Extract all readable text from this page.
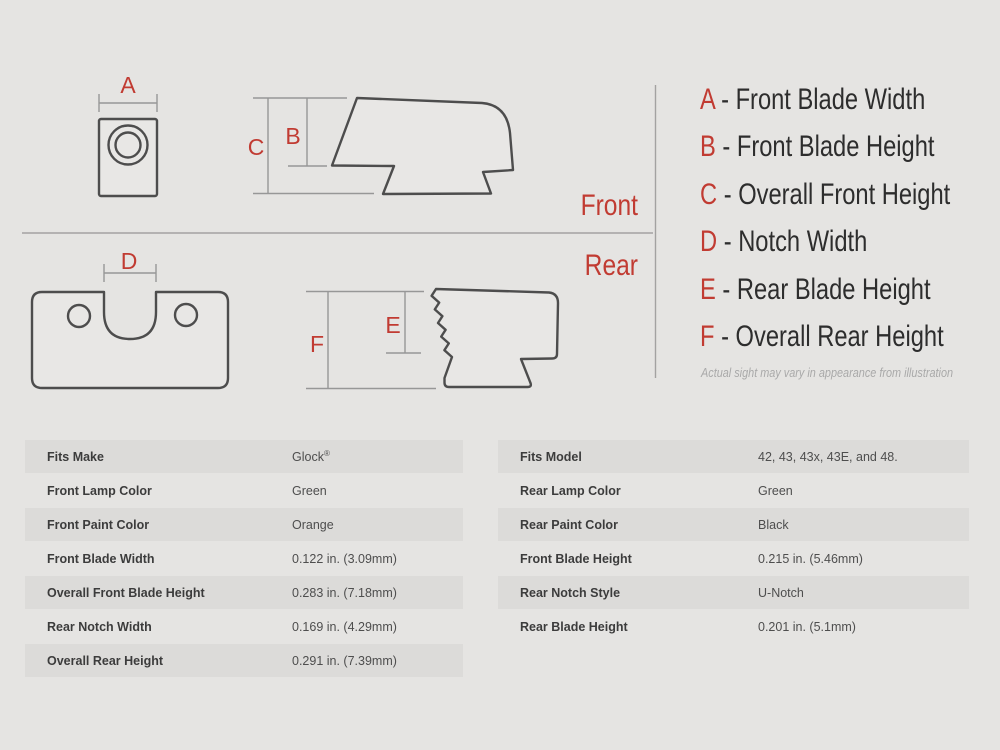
A
C B
D
F
E
Front
Rear
A - Front Blade Width
B - Front Blade Height
C - Overall Front Height
D - Notch Width
E - Rear Blade Height
F - Overall Rear Height
Actual sight may vary in appearance from illustration
Fits Make	Glock®
Front Lamp Color	Green
Front Paint Color	Orange
Front Blade Width	0.122 in. (3.09mm)
Overall Front Blade Height	0.283 in. (7.18mm)
Rear Notch Width	0.169 in. (4.29mm)
Overall Rear Height	0.291 in. (7.39mm)
Fits Model	42, 43, 43x, 43E, and 48.
Rear Lamp Color	Green
Rear Paint Color	Black
Front Blade Height	0.215 in. (5.46mm)
Rear Notch Style	U-Notch
Rear Blade Height	0.201 in. (5.1mm)
